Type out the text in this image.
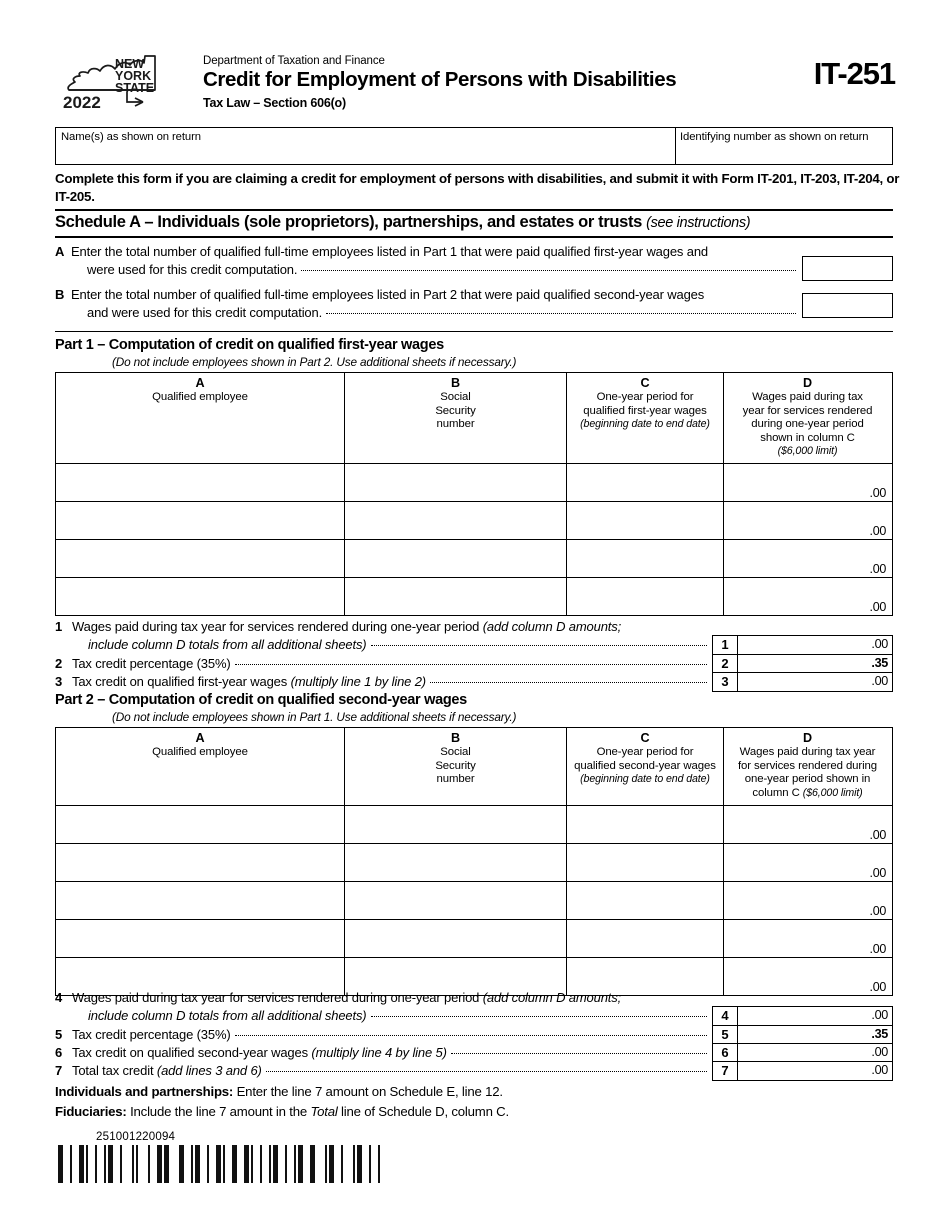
NEW
YORK
STATE
2022
Department of Taxation and Finance
Credit for Employment of Persons with Disabilities
Tax Law – Section 606(o)
IT-251
Name(s) as shown on return	Identifying number as shown on return
Complete this form if you are claiming a credit for employment of persons with disabilities, and submit it with Form IT-201, IT-203, IT-204, or IT-205.
Schedule A – Individuals (sole proprietors), partnerships, and estates or trusts (see instructions)
A Enter the total number of qualified full-time employees listed in Part 1 that were paid qualified first-year wages and
were used for this credit computation.
B Enter the total number of qualified full-time employees listed in Part 2 that were paid qualified second-year wages
and were used for this credit computation.
Part 1 – Computation of credit on qualified first-year wages
(Do not include employees shown in Part 2. Use additional sheets if necessary.)
A
Qualified employee
B
Social
Security
number
C
One-year period for
qualified first-year wages
(beginning date to end date)
D
Wages paid during tax
year for services rendered
during one-year period
shown in column C
($6,000 limit)
.00
.00
.00
.00
1 Wages paid during tax year for services rendered during one-year period (add column D amounts;
include column D totals from all additional sheets)	1	.00
2 Tax credit percentage (35%)	2	.35
3 Tax credit on qualified first-year wages (multiply line 1 by line 2)	3	.00
Part 2 – Computation of credit on qualified second-year wages
(Do not include employees shown in Part 1. Use additional sheets if necessary.)
A
Qualified employee
B
Social
Security
number
C
One-year period for
qualified second-year wages
(beginning date to end date)
D
Wages paid during tax year
for services rendered during
one-year period shown in
column C ($6,000 limit)
.00
.00
.00
.00
.00
4 Wages paid during tax year for services rendered during one-year period (add column D amounts;
include column D totals from all additional sheets)	4	.00
5 Tax credit percentage (35%)	5	.35
6 Tax credit on qualified second-year wages (multiply line 4 by line 5)	6	.00
7 Total tax credit (add lines 3 and 6)	7	.00
Individuals and partnerships: Enter the line 7 amount on Schedule E, line 12.
Fiduciaries: Include the line 7 amount in the Total line of Schedule D, column C.
251001220094
